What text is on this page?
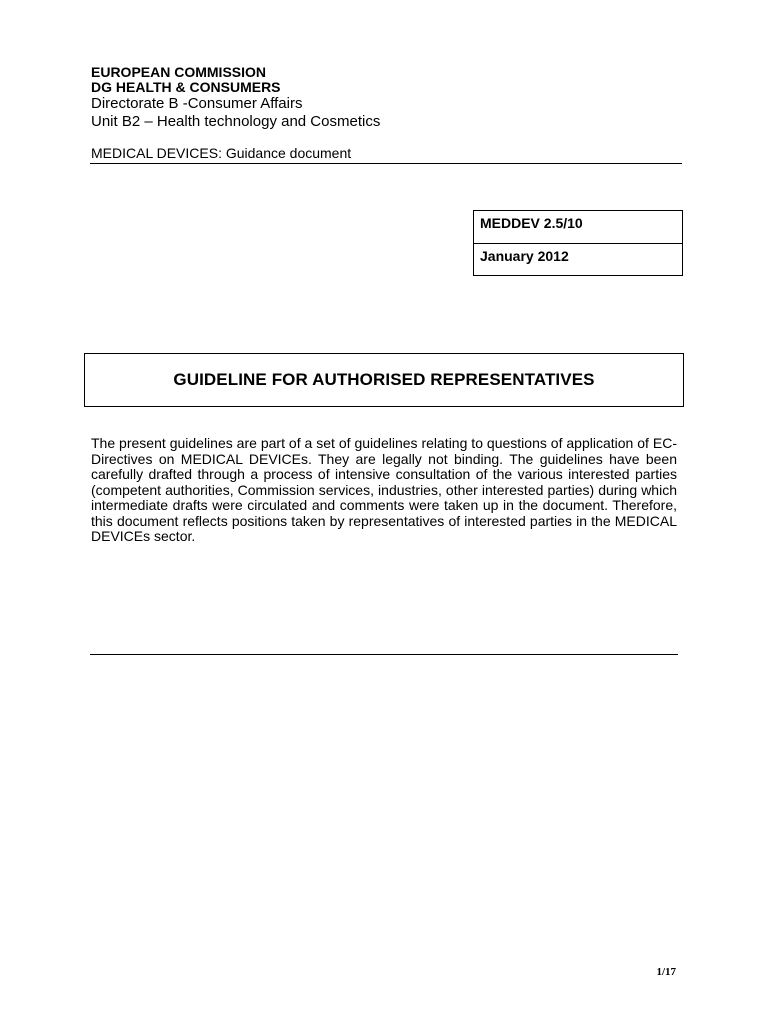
EUROPEAN COMMISSION

DG HEALTH & CONSUMERS

Directorate B -Consumer Affairs

Unit B2 – Health technology and Cosmetics

MEDICAL DEVICES: Guidance document
MEDDEV 2.5/10
January 2012
GUIDELINE FOR AUTHORISED REPRESENTATIVES

The present guidelines are part of a set of guidelines relating to questions of application of EC-Directives on MEDICAL DEVICEs. They are legally not binding. The guidelines have been carefully drafted through a process of intensive consultation of the various interested parties (competent authorities, Commission services, industries, other interested parties) during which intermediate drafts were circulated and comments were taken up in the document. Therefore, this document reflects positions taken by representatives of interested parties in the MEDICAL DEVICEs sector.

1/17
